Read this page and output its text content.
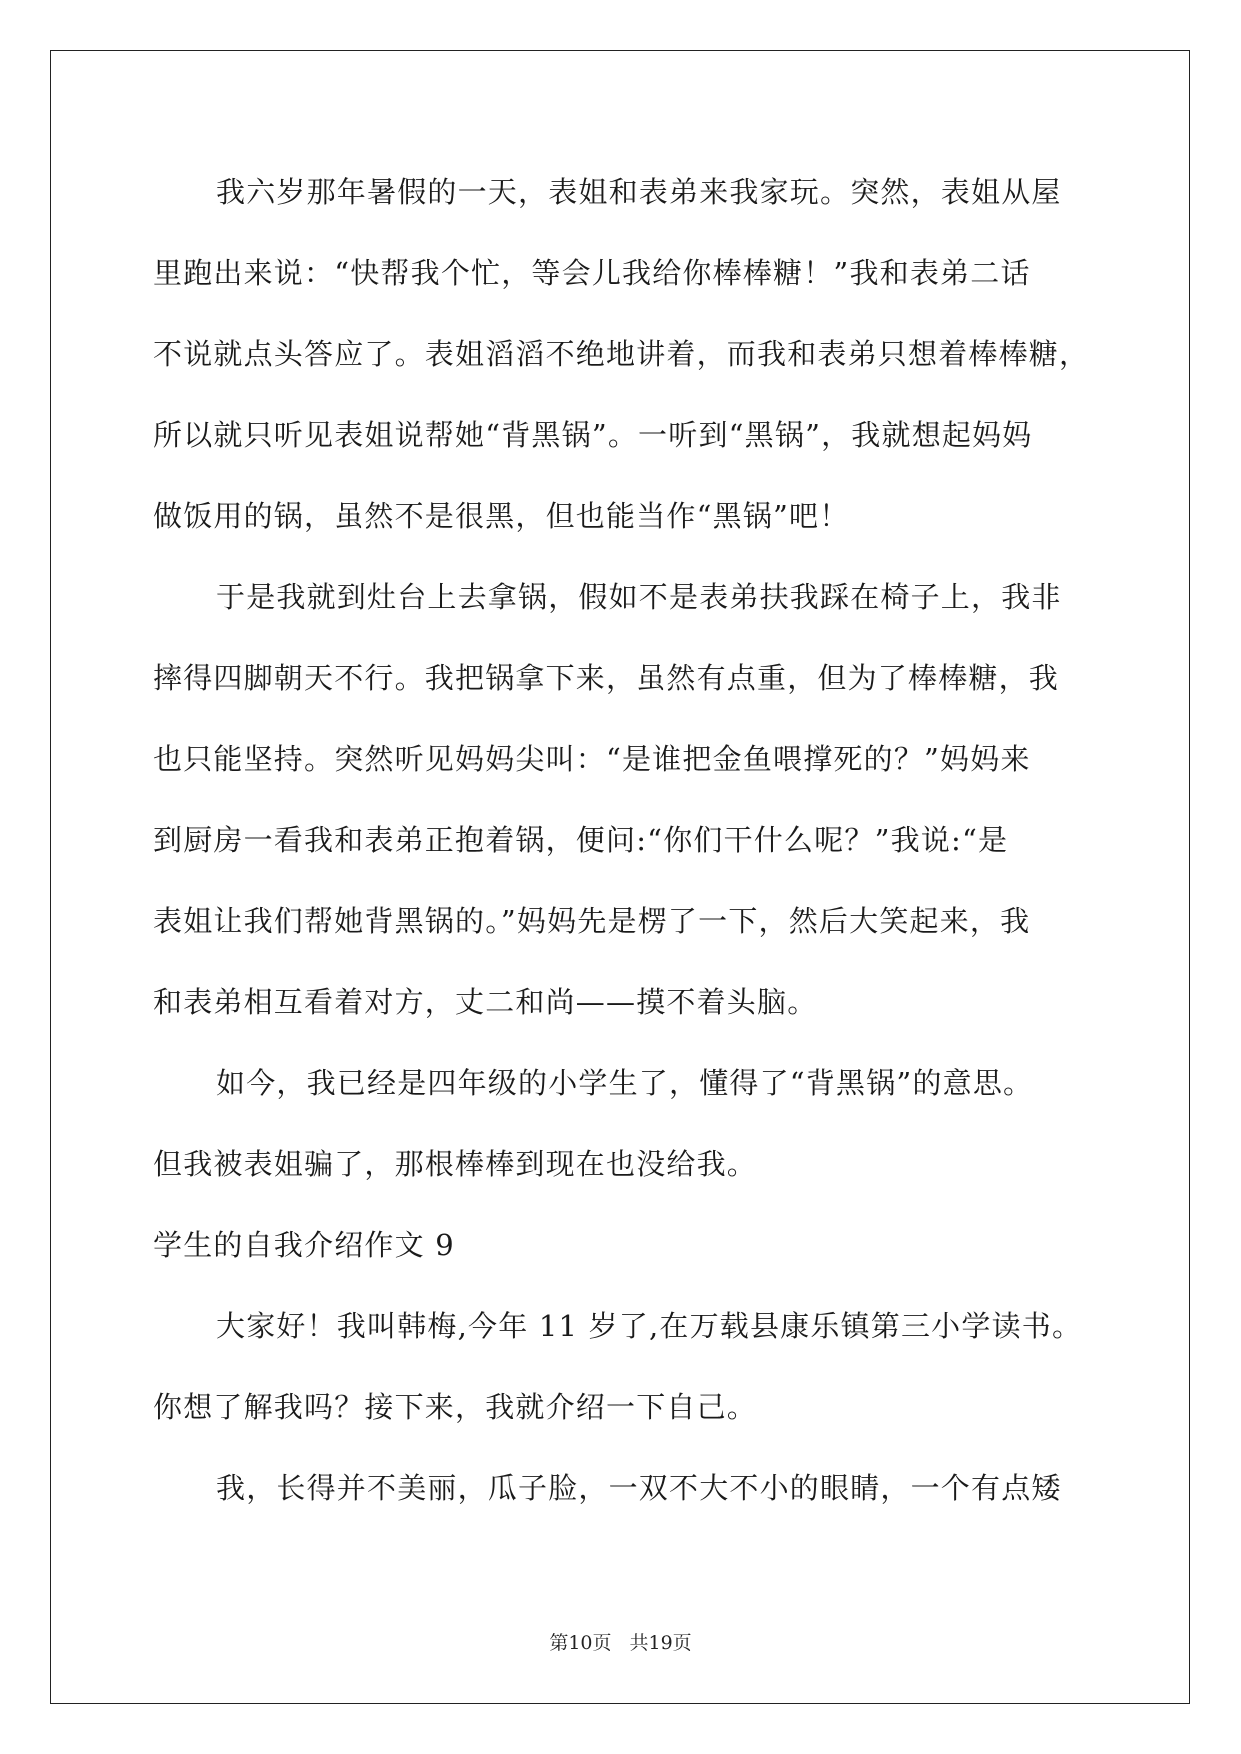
我六岁那年暑假的一天，表姐和表弟来我家玩。突然，表姐从屋
里跑出来说：“快帮我个忙，等会儿我给你棒棒糖！”我和表弟二话
不说就点头答应了。表姐滔滔不绝地讲着，而我和表弟只想着棒棒糖，
所以就只听见表姐说帮她“背黑锅”。一听到“黑锅”，我就想起妈妈
做饭用的锅，虽然不是很黑，但也能当作“黑锅”吧！
于是我就到灶台上去拿锅，假如不是表弟扶我踩在椅子上，我非
摔得四脚朝天不行。我把锅拿下来，虽然有点重，但为了棒棒糖，我
也只能坚持。突然听见妈妈尖叫：“是谁把金鱼喂撑死的？”妈妈来
到厨房一看我和表弟正抱着锅，便问:“你们干什么呢？”我说:“是
表姐让我们帮她背黑锅的。”妈妈先是楞了一下，然后大笑起来，我
和表弟相互看着对方，丈二和尚——摸不着头脑。
如今，我已经是四年级的小学生了，懂得了“背黑锅”的意思。
但我被表姐骗了，那根棒棒到现在也没给我。
学生的自我介绍作文 9
大家好！我叫韩梅,今年 11 岁了,在万载县康乐镇第三小学读书。
你想了解我吗？接下来，我就介绍一下自己。
我，长得并不美丽，瓜子脸，一双不大不小的眼睛，一个有点矮
第10页 共19页
